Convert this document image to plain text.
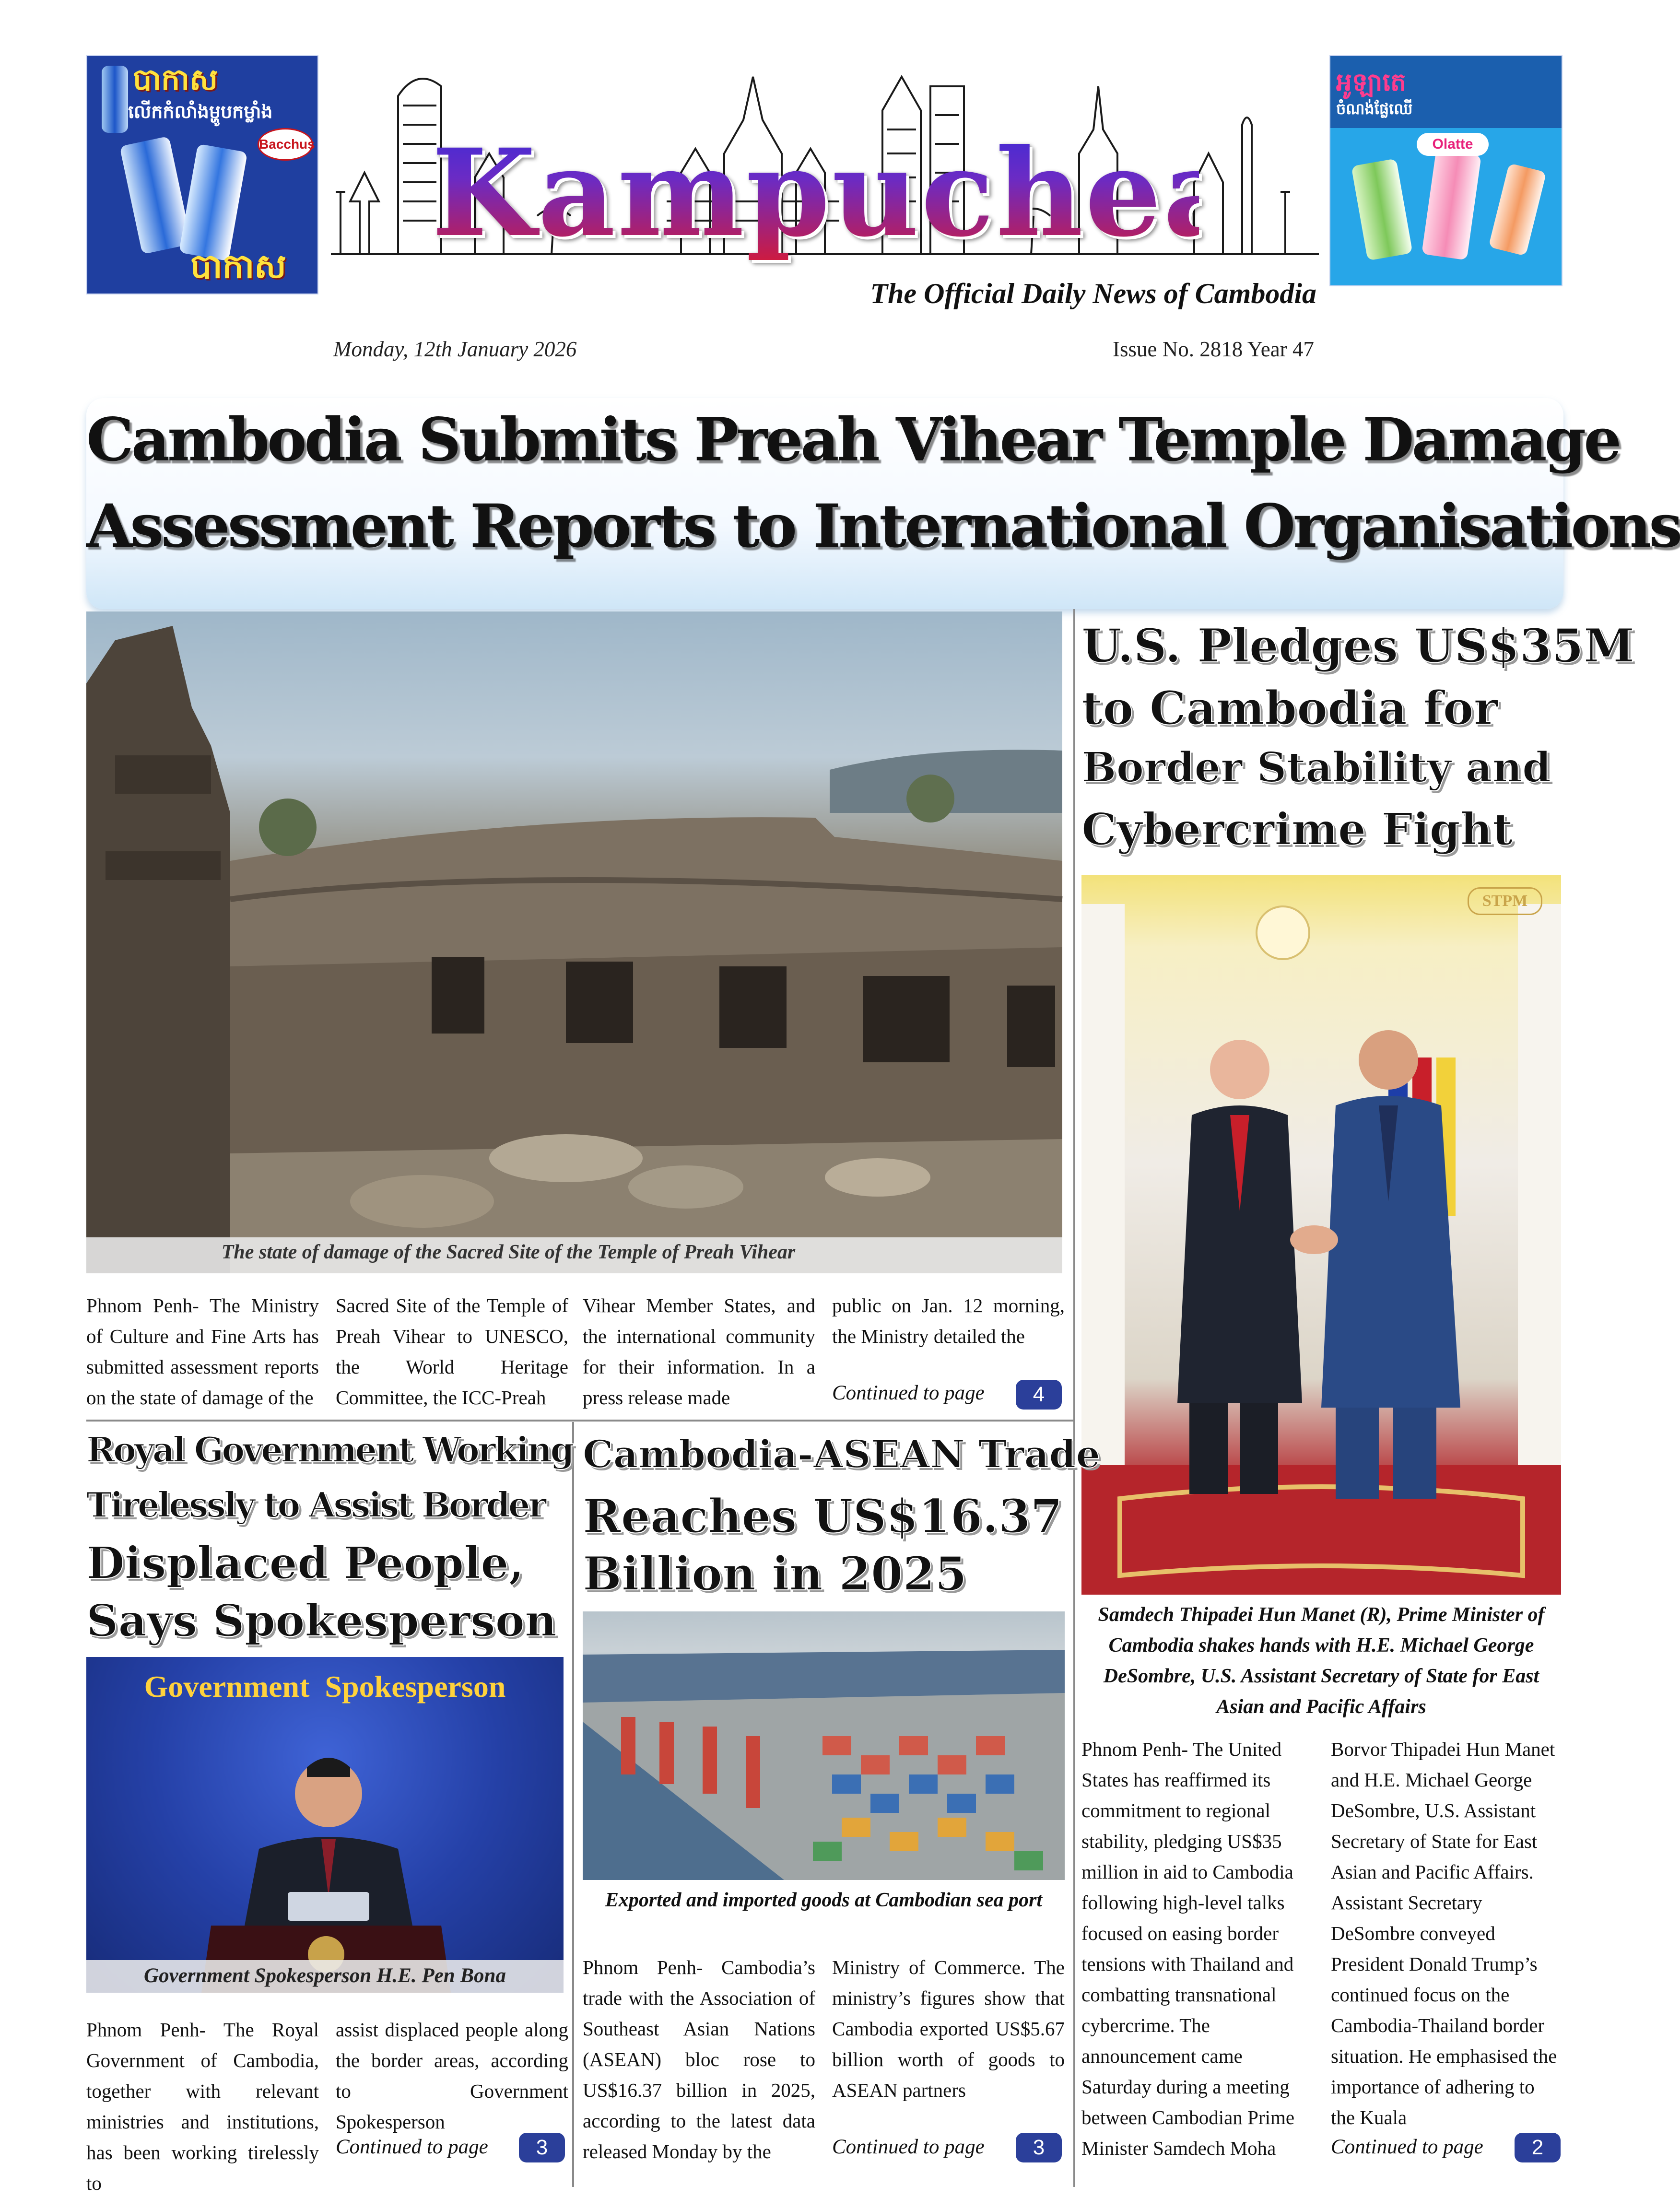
បាកាស
លើកកំលាំងម្ហូបកម្លាំង
Bacchus
បាកាស
Kampuchea
The Official Daily News of Cambodia
អូឡាតេ
ចំណង់ផ្លែឈើ
Olatte
Monday, 12th January 2026	Issue No. 2818 Year 47
Cambodia Submits Preah Vihear Temple Damage
Assessment Reports to International Organisations
The state of damage of the Sacred Site of the Temple of Preah Vihear
Phnom Penh- The Ministry of Culture and Fine Arts has submitted assessment reports on the state of damage of the
Sacred Site of the Temple of Preah Vihear to UNESCO, the World Heritage Committee, the ICC-Preah
Vihear Member States, and the international community for their information. In a press release made
public on Jan. 12 morning, the Ministry detailed the
Continued to page	4
U.S. Pledges US$35M
to Cambodia for
Border Stability and
Cybercrime Fight
STPM
Samdech Thipadei Hun Manet (R), Prime Minister of Cambodia shakes hands with H.E. Michael George DeSombre, U.S. Assistant Secretary of State for East Asian and Pacific Affairs
Phnom Penh- The United States has reaffirmed its commitment to regional stability, pledging US$35 million in aid to Cambodia following high-level talks focused on easing border tensions with Thailand and combatting transnational cybercrime. The announcement came Saturday during a meeting between Cambodian Prime Minister Samdech Moha
Borvor Thipadei Hun Manet and H.E. Michael George DeSombre, U.S. Assistant Secretary of State for East Asian and Pacific Affairs. Assistant Secretary DeSombre conveyed President Donald Trump’s continued focus on the Cambodia-Thailand border situation. He emphasised the importance of adhering to the Kuala
Continued to page	2
Royal Government Working
Tirelessly to Assist Border
Displaced People,
Says Spokesperson
Government  Spokesperson
Government Spokesperson H.E. Pen Bona
Phnom Penh- The Royal Government of Cambodia, together with relevant ministries and institutions, has been working tirelessly to
assist displaced people along the border areas, according to Government Spokesperson
Continued to page	3
Cambodia-ASEAN Trade
Reaches US$16.37
Billion in 2025
Exported and imported goods at Cambodian sea port
Phnom Penh- Cambodia’s trade with the Association of Southeast Asian Nations (ASEAN) bloc rose to US$16.37 billion in 2025, according to the latest data released Monday by the
Ministry of Commerce. The ministry’s figures show that Cambodia exported US$5.67 billion worth of goods to ASEAN partners
Continued to page	3
